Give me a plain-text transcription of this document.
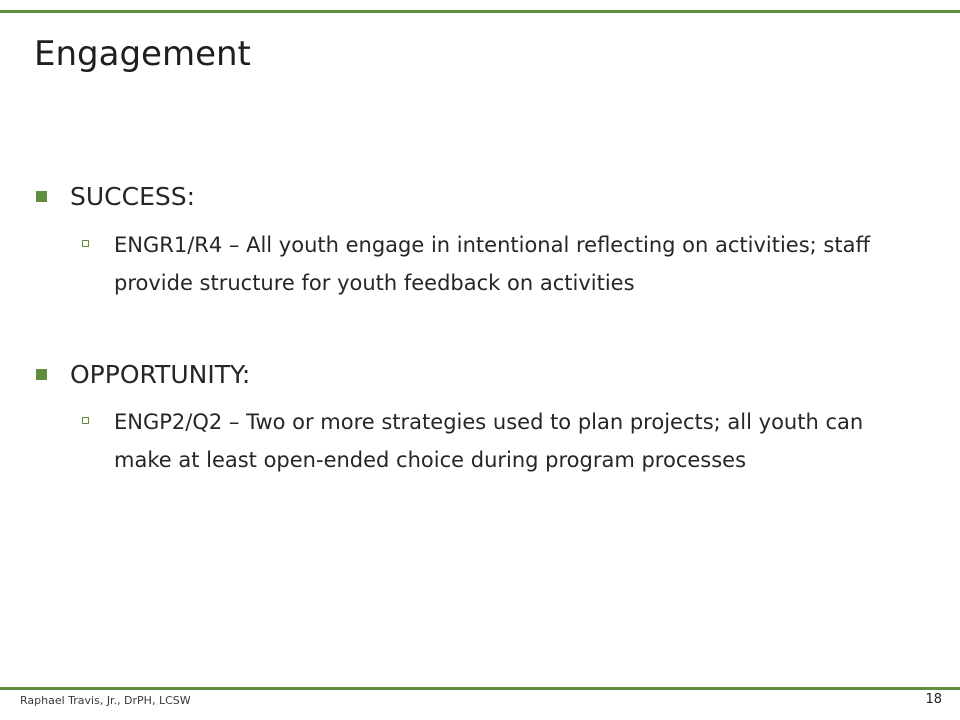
Engagement
SUCCESS:
ENGR1/R4 – All youth engage in intentional reflecting on activities; staff provide structure for youth feedback on activities
OPPORTUNITY:
ENGP2/Q2 – Two or more strategies used to plan projects; all youth can make at least open-ended choice during program processes
Raphael Travis, Jr., DrPH, LCSW	18
